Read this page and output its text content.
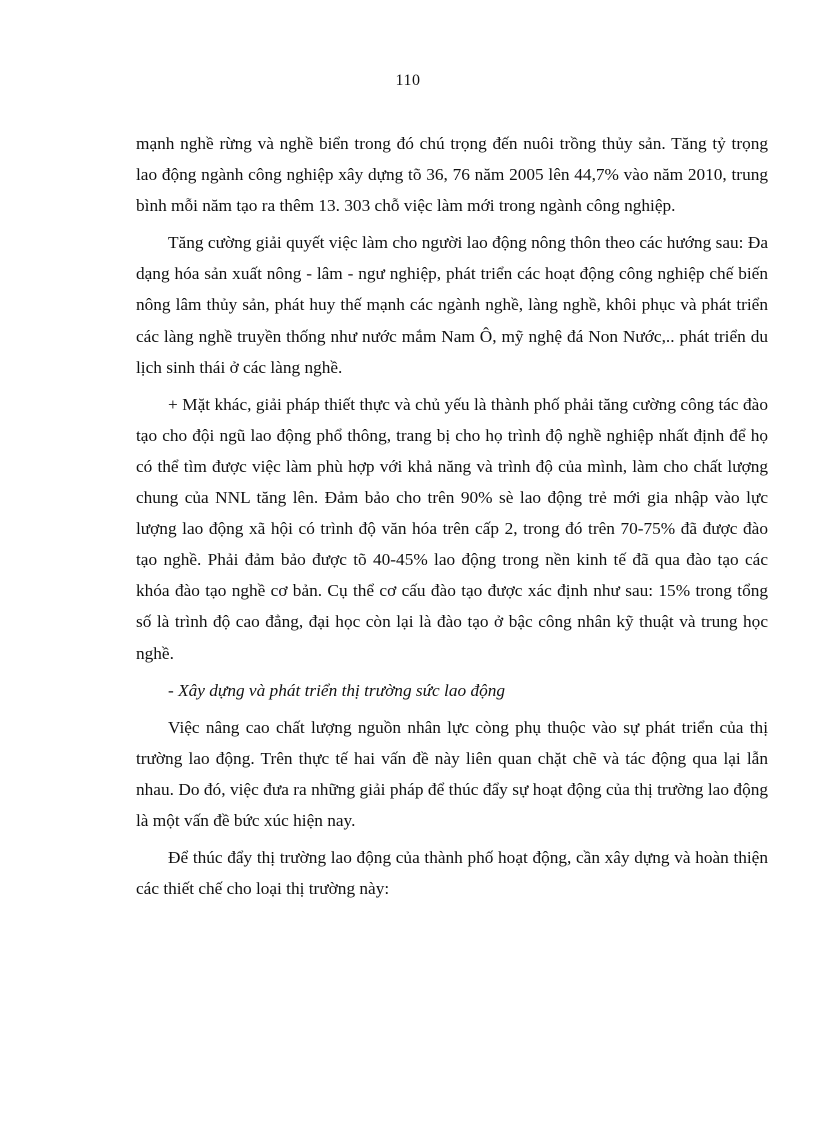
110

mạnh nghề rừng và nghề biển trong đó chú trọng đến nuôi trồng thủy sản. Tăng tỷ trọng lao động ngành công nghiệp xây dựng tõ 36, 76 năm 2005 lên 44,7% vào năm 2010, trung bình mỗi năm tạo ra thêm 13. 303 chỗ việc làm mới trong ngành công nghiệp.

Tăng cường giải quyết việc làm cho người lao động nông thôn theo các hướng sau: Đa dạng hóa sản xuất nông - lâm - ngư nghiệp, phát triển các hoạt động công nghiệp chế biến nông lâm thủy sản, phát huy thế mạnh các ngành nghề, làng nghề, khôi phục và phát triển các làng nghề truyền thống như nước mắm Nam Ô, mỹ nghệ đá Non Nước,.. phát triển du lịch sinh thái ở các làng nghề.

+ Mặt khác, giải pháp thiết thực và chủ yếu là thành phố phải tăng cường công tác đào tạo cho đội ngũ lao động phổ thông, trang bị cho họ trình độ nghề nghiệp nhất định để họ có thể tìm được việc làm phù hợp với khả năng và trình độ của mình, làm cho chất lượng chung của NNL tăng lên. Đảm bảo cho trên 90% sè lao động trẻ mới gia nhập vào lực lượng lao động xã hội có trình độ văn hóa trên cấp 2, trong đó trên 70-75% đã được đào tạo nghề. Phải đảm bảo được tõ 40-45% lao động trong nền kinh tế đã qua đào tạo các khóa đào tạo nghề cơ bản. Cụ thể cơ cấu đào tạo được xác định như sau: 15% trong tổng số là trình độ cao đẳng, đại học còn lại là đào tạo ở bậc công nhân kỹ thuật và trung học nghề.

- Xây dựng và phát triển thị trường sức lao động

Việc nâng cao chất lượng nguồn nhân lực còng phụ thuộc vào sự phát triển của thị trường lao động. Trên thực tế hai vấn đề này liên quan chặt chẽ và tác động qua lại lẫn nhau. Do đó, việc đưa ra những giải pháp để thúc đẩy sự hoạt động của thị trường lao động là một vấn đề bức xúc hiện nay.

Để thúc đẩy thị trường lao động của thành phố hoạt động, cần xây dựng và hoàn thiện các thiết chế cho loại thị trường này:
